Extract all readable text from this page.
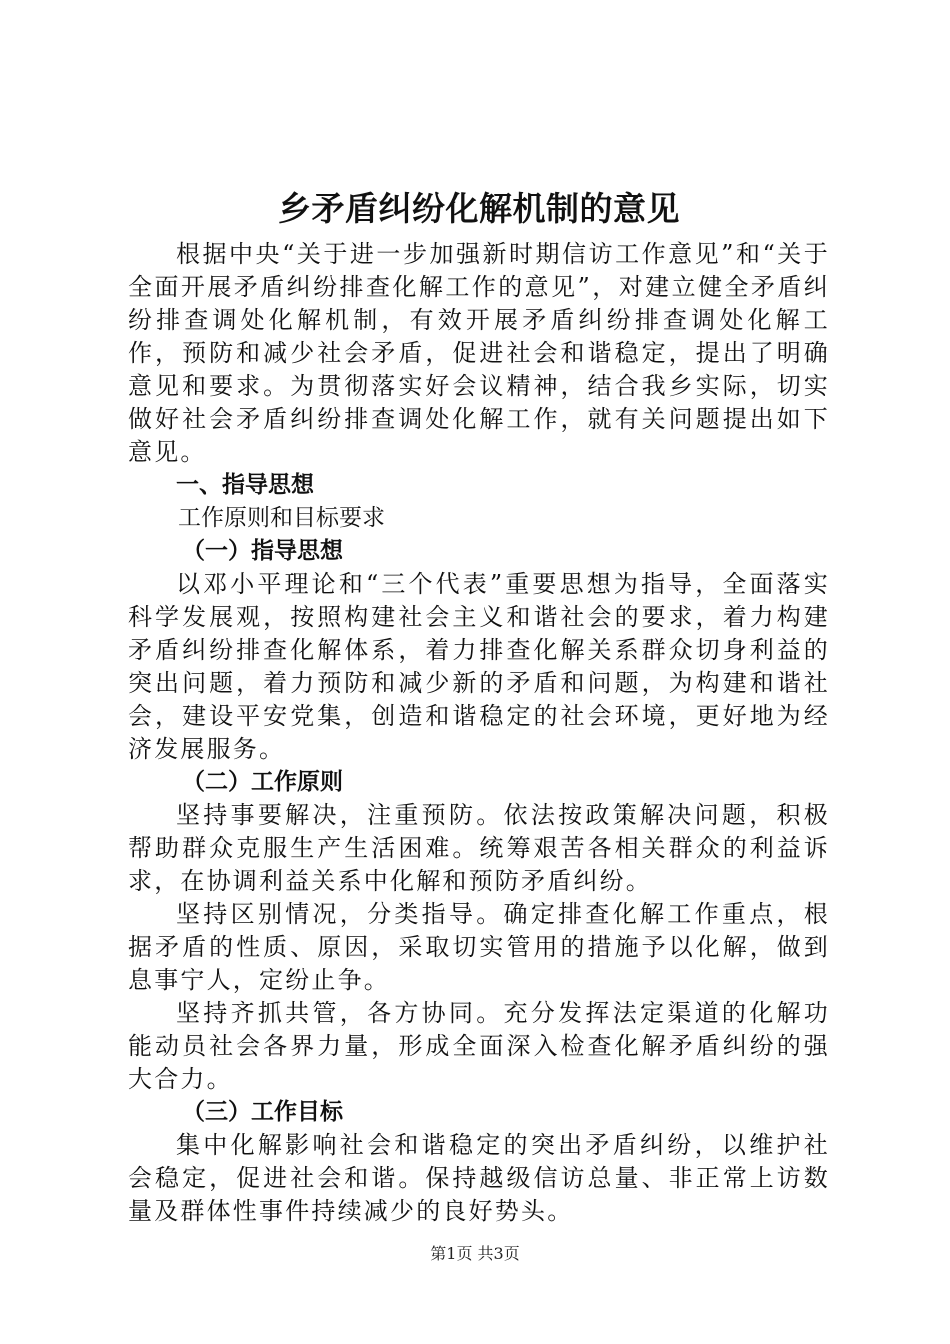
乡矛盾纠纷化解机制的意见

根据中央“关于进一步加强新时期信访工作意见”和“关于全面开展矛盾纠纷排查化解工作的意见”，对建立健全矛盾纠纷排查调处化解机制，有效开展矛盾纠纷排查调处化解工作，预防和减少社会矛盾，促进社会和谐稳定，提出了明确意见和要求。为贯彻落实好会议精神，结合我乡实际，切实做好社会矛盾纠纷排查调处化解工作，就有关问题提出如下意见。

一、指导思想

工作原则和目标要求

（一）指导思想

以邓小平理论和“三个代表”重要思想为指导，全面落实科学发展观，按照构建社会主义和谐社会的要求，着力构建矛盾纠纷排查化解体系，着力排查化解关系群众切身利益的突出问题，着力预防和减少新的矛盾和问题，为构建和谐社会，建设平安党集，创造和谐稳定的社会环境，更好地为经济发展服务。

（二）工作原则

坚持事要解决，注重预防。依法按政策解决问题，积极帮助群众克服生产生活困难。统筹艰苦各相关群众的利益诉求，在协调利益关系中化解和预防矛盾纠纷。

坚持区别情况，分类指导。确定排查化解工作重点，根据矛盾的性质、原因，采取切实管用的措施予以化解，做到息事宁人，定纷止争。

坚持齐抓共管，各方协同。充分发挥法定渠道的化解功能动员社会各界力量，形成全面深入检查化解矛盾纠纷的强大合力。

（三）工作目标

集中化解影响社会和谐稳定的突出矛盾纠纷，以维护社会稳定，促进社会和谐。保持越级信访总量、非正常上访数量及群体性事件持续减少的良好势头。

第1页 共3页
